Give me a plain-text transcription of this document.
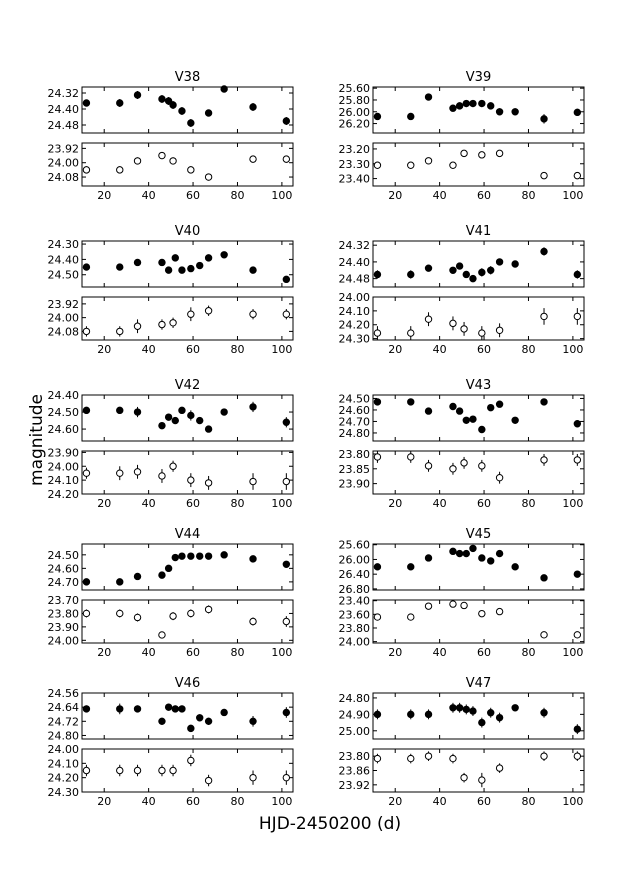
V38
24.32
24.40
24.48
20	40	60	80 100
23.92
24.00
24.08
V39
25.60
25.80
26.00
26.20
20	40	60	80 100
23.20
23.30
23.40
V40
24.30
24.40
24.50
20	40	60	80 100
23.92
24.00
24.08
V41
24.32
24.40
24.48
20	40	60	80 100
24.00
24.10
24.20
24.30
V42
24.40
24.50
24.60
20	40	60	80 100
23.90
24.00
24.10
24.20
V43
24.50
24.60
24.70
24.80
20	40	60	80 100
23.80
23.85
23.90
V44
24.50
24.60
24.70
20	40	60	80 100
23.70
23.80
23.90
24.00
V45
25.60
26.00
26.40
26.80
20	40	60	80 100
23.40
23.60
23.80
24.00
V46
24.56
24.64
24.72
24.80
20	40	60	80 100
24.00
24.10
24.20
24.30
V47
24.80
24.90
25.00
20	40	60	80 100
23.80
23.86
23.92
HJD-2450200 (d)
magnitude
